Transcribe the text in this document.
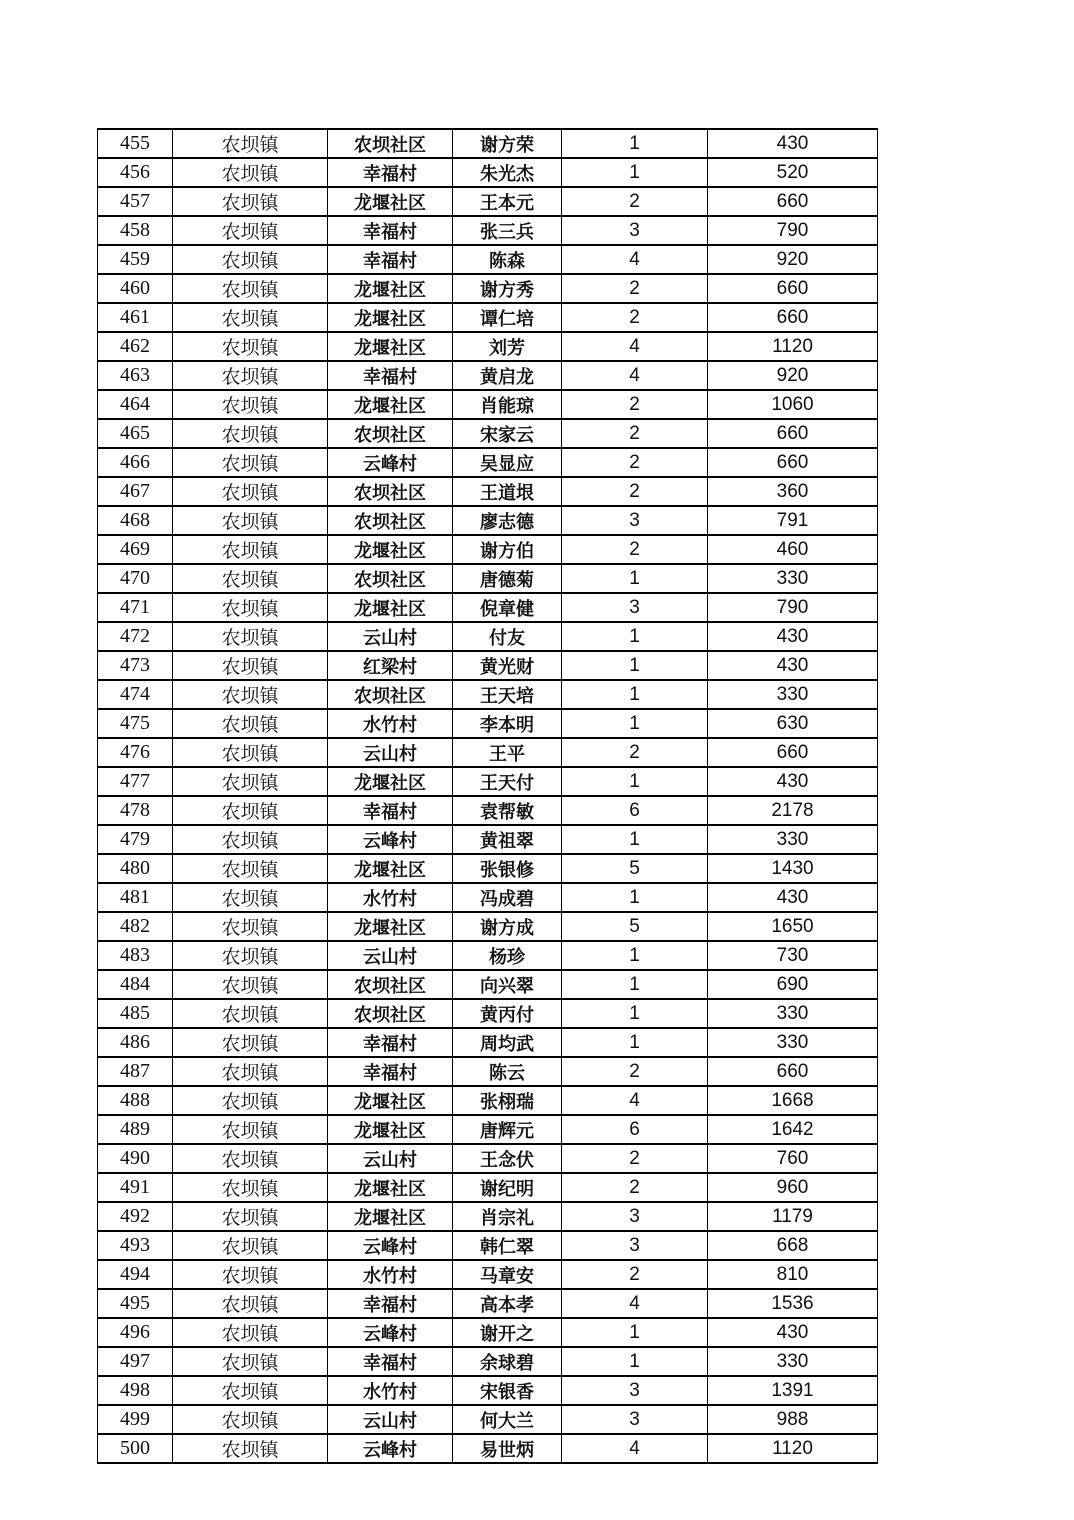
455	农坝镇	农坝社区	谢方荣	1	430
456	农坝镇	幸福村	朱光杰	1	520
457	农坝镇	龙堰社区	王本元	2	660
458	农坝镇	幸福村	张三兵	3	790
459	农坝镇	幸福村	陈森	4	920
460	农坝镇	龙堰社区	谢方秀	2	660
461	农坝镇	龙堰社区	谭仁培	2	660
462	农坝镇	龙堰社区	刘芳	4	1120
463	农坝镇	幸福村	黄启龙	4	920
464	农坝镇	龙堰社区	肖能琼	2	1060
465	农坝镇	农坝社区	宋家云	2	660
466	农坝镇	云峰村	吴显应	2	660
467	农坝镇	农坝社区	王道垠	2	360
468	农坝镇	农坝社区	廖志德	3	791
469	农坝镇	龙堰社区	谢方伯	2	460
470	农坝镇	农坝社区	唐德菊	1	330
471	农坝镇	龙堰社区	倪章健	3	790
472	农坝镇	云山村	付友	1	430
473	农坝镇	红梁村	黄光财	1	430
474	农坝镇	农坝社区	王天培	1	330
475	农坝镇	水竹村	李本明	1	630
476	农坝镇	云山村	王平	2	660
477	农坝镇	龙堰社区	王天付	1	430
478	农坝镇	幸福村	袁帮敏	6	2178
479	农坝镇	云峰村	黄祖翠	1	330
480	农坝镇	龙堰社区	张银修	5	1430
481	农坝镇	水竹村	冯成碧	1	430
482	农坝镇	龙堰社区	谢方成	5	1650
483	农坝镇	云山村	杨珍	1	730
484	农坝镇	农坝社区	向兴翠	1	690
485	农坝镇	农坝社区	黄丙付	1	330
486	农坝镇	幸福村	周均武	1	330
487	农坝镇	幸福村	陈云	2	660
488	农坝镇	龙堰社区	张栩瑞	4	1668
489	农坝镇	龙堰社区	唐辉元	6	1642
490	农坝镇	云山村	王念伏	2	760
491	农坝镇	龙堰社区	谢纪明	2	960
492	农坝镇	龙堰社区	肖宗礼	3	1179
493	农坝镇	云峰村	韩仁翠	3	668
494	农坝镇	水竹村	马章安	2	810
495	农坝镇	幸福村	高本孝	4	1536
496	农坝镇	云峰村	谢开之	1	430
497	农坝镇	幸福村	余球碧	1	330
498	农坝镇	水竹村	宋银香	3	1391
499	农坝镇	云山村	何大兰	3	988
500	农坝镇	云峰村	易世炳	4	1120
